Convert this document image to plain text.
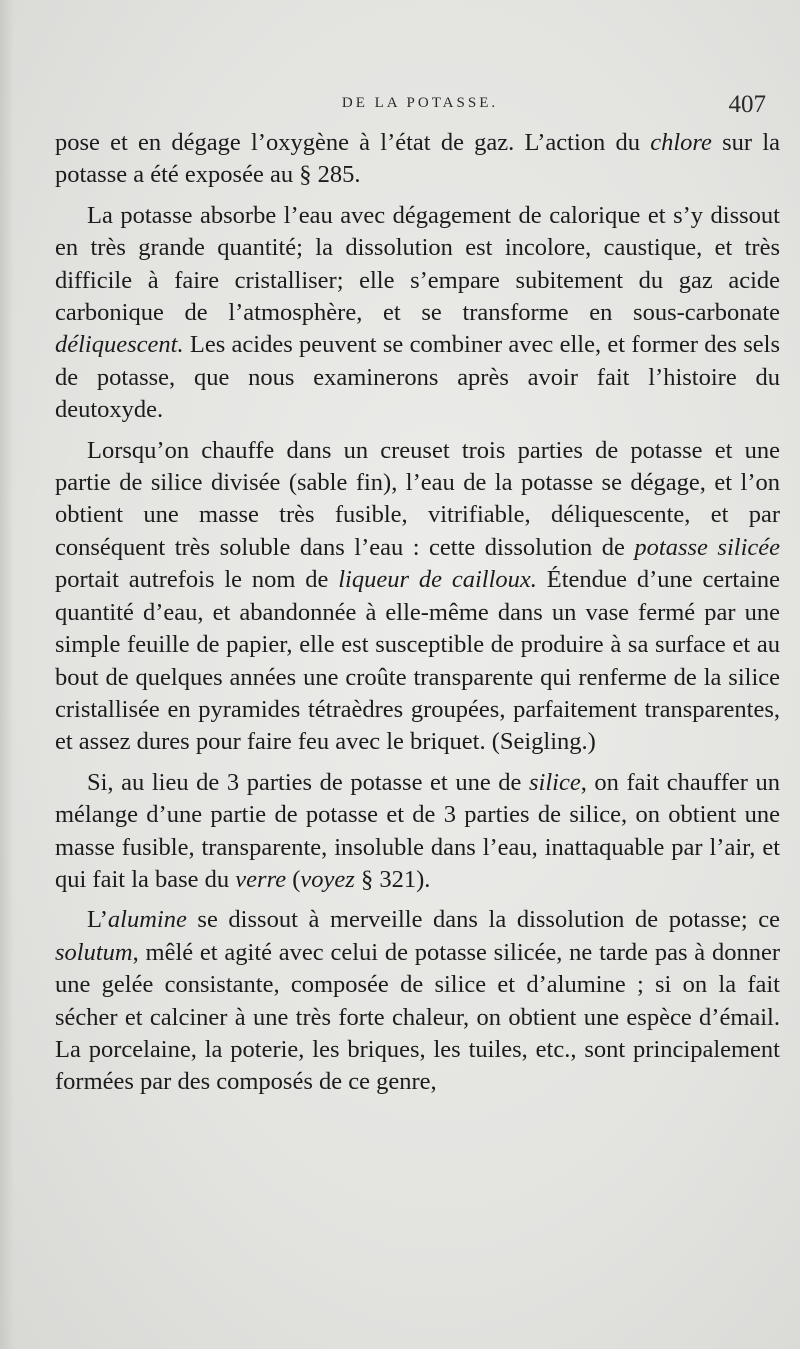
DE LA POTASSE.	407

pose et en dégage l’oxygène à l’état de gaz. L’action du chlore sur la potasse a été exposée au § 285.

La potasse absorbe l’eau avec dégagement de calorique et s’y dissout en très grande quantité; la dissolution est incolore, caustique, et très difficile à faire cristalliser; elle s’empare subitement du gaz acide carbonique de l’atmosphère, et se transforme en sous-carbonate déliquescent. Les acides peuvent se combiner avec elle, et former des sels de potasse, que nous examinerons après avoir fait l’histoire du deutoxyde.

Lorsqu’on chauffe dans un creuset trois parties de potasse et une partie de silice divisée (sable fin), l’eau de la potasse se dégage, et l’on obtient une masse très fusible, vitrifiable, déliquescente, et par conséquent très soluble dans l’eau : cette dissolution de potasse silicée portait autrefois le nom de liqueur de cailloux. Étendue d’une certaine quantité d’eau, et abandonnée à elle-même dans un vase fermé par une simple feuille de papier, elle est susceptible de produire à sa surface et au bout de quelques années une croûte transparente qui renferme de la silice cristallisée en pyramides tétraèdres groupées, parfaitement transparentes, et assez dures pour faire feu avec le briquet. (Seigling.)

Si, au lieu de 3 parties de potasse et une de silice, on fait chauffer un mélange d’une partie de potasse et de 3 parties de silice, on obtient une masse fusible, transparente, insoluble dans l’eau, inattaquable par l’air, et qui fait la base du verre (voyez § 321).

L’alumine se dissout à merveille dans la dissolution de potasse; ce solutum, mêlé et agité avec celui de potasse silicée, ne tarde pas à donner une gelée consistante, composée de silice et d’alumine ; si on la fait sécher et calciner à une très forte chaleur, on obtient une espèce d’émail. La porcelaine, la poterie, les briques, les tuiles, etc., sont principalement formées par des composés de ce genre,
